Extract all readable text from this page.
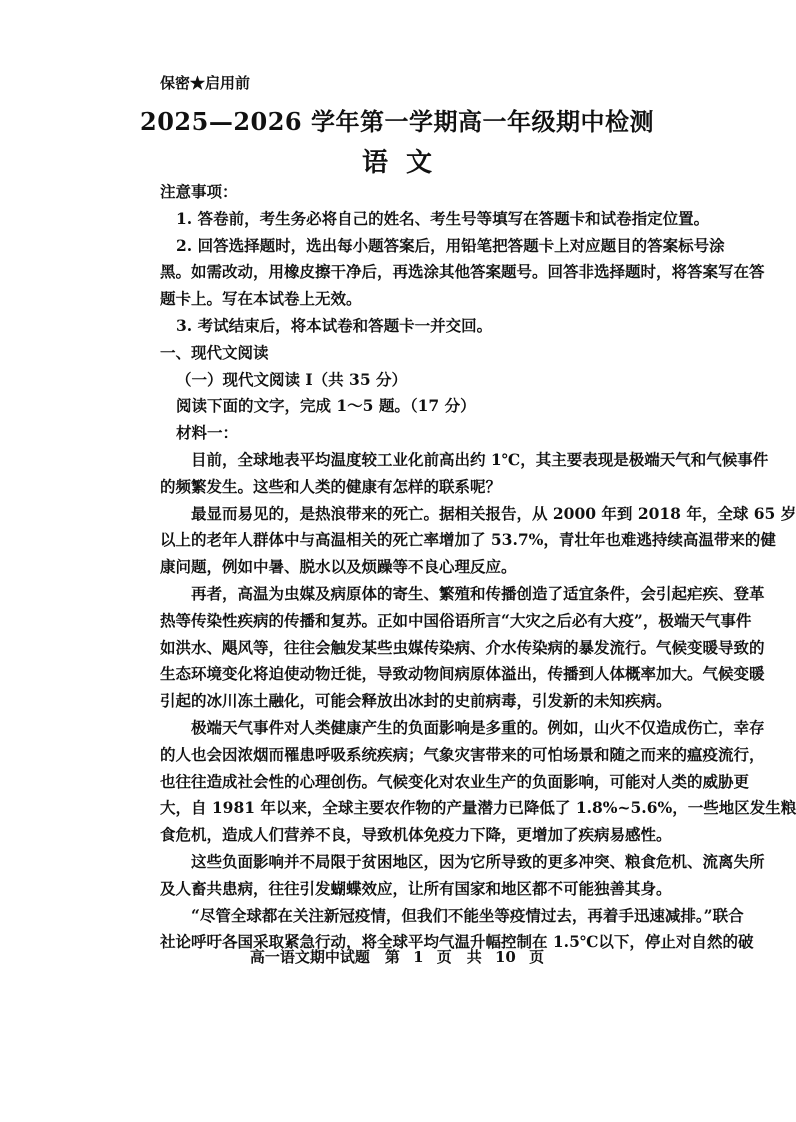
保密★启用前
2025—2026 学年第一学期高一年级期中检测
语文
注意事项：
1. 答卷前，考生务必将自己的姓名、考生号等填写在答题卡和试卷指定位置。
2. 回答选择题时，选出每小题答案后，用铅笔把答题卡上对应题目的答案标号涂
黑。如需改动，用橡皮擦干净后，再选涂其他答案题号。回答非选择题时，将答案写在答
题卡上。写在本试卷上无效。
3. 考试结束后，将本试卷和答题卡一并交回。
一、现代文阅读
（一）现代文阅读 I（共 35 分）
阅读下面的文字，完成 1～5 题。（17 分）
材料一：
目前，全球地表平均温度较工业化前高出约 1℃，其主要表现是极端天气和气候事件
的频繁发生。这些和人类的健康有怎样的联系呢？
最显而易见的，是热浪带来的死亡。据相关报告，从 2000 年到 2018 年，全球 65 岁
以上的老年人群体中与高温相关的死亡率增加了 53.7%，青壮年也难逃持续高温带来的健
康问题，例如中暑、脱水以及烦躁等不良心理反应。
再者，高温为虫媒及病原体的寄生、繁殖和传播创造了适宜条件，会引起疟疾、登革
热等传染性疾病的传播和复苏。正如中国俗语所言“大灾之后必有大疫”，极端天气事件
如洪水、飓风等，往往会触发某些虫媒传染病、介水传染病的暴发流行。气候变暖导致的
生态环境变化将迫使动物迁徙，导致动物间病原体溢出，传播到人体概率加大。气候变暖
引起的冰川冻土融化，可能会释放出冰封的史前病毒，引发新的未知疾病。
极端天气事件对人类健康产生的负面影响是多重的。例如，山火不仅造成伤亡，幸存
的人也会因浓烟而罹患呼吸系统疾病；气象灾害带来的可怕场景和随之而来的瘟疫流行，
也往往造成社会性的心理创伤。气候变化对农业生产的负面影响，可能对人类的威胁更
大，自 1981 年以来，全球主要农作物的产量潜力已降低了 1.8%~5.6%，一些地区发生粮
食危机，造成人们营养不良，导致机体免疫力下降，更增加了疾病易感性。
这些负面影响并不局限于贫困地区，因为它所导致的更多冲突、粮食危机、流离失所
及人畜共患病，往往引发蝴蝶效应，让所有国家和地区都不可能独善其身。
“尽管全球都在关注新冠疫情，但我们不能坐等疫情过去，再着手迅速减排。”联合
社论呼吁各国采取紧急行动，将全球平均气温升幅控制在 1.5℃以下，停止对自然的破
高一语文期中试题　第 1 页　共 10 页
